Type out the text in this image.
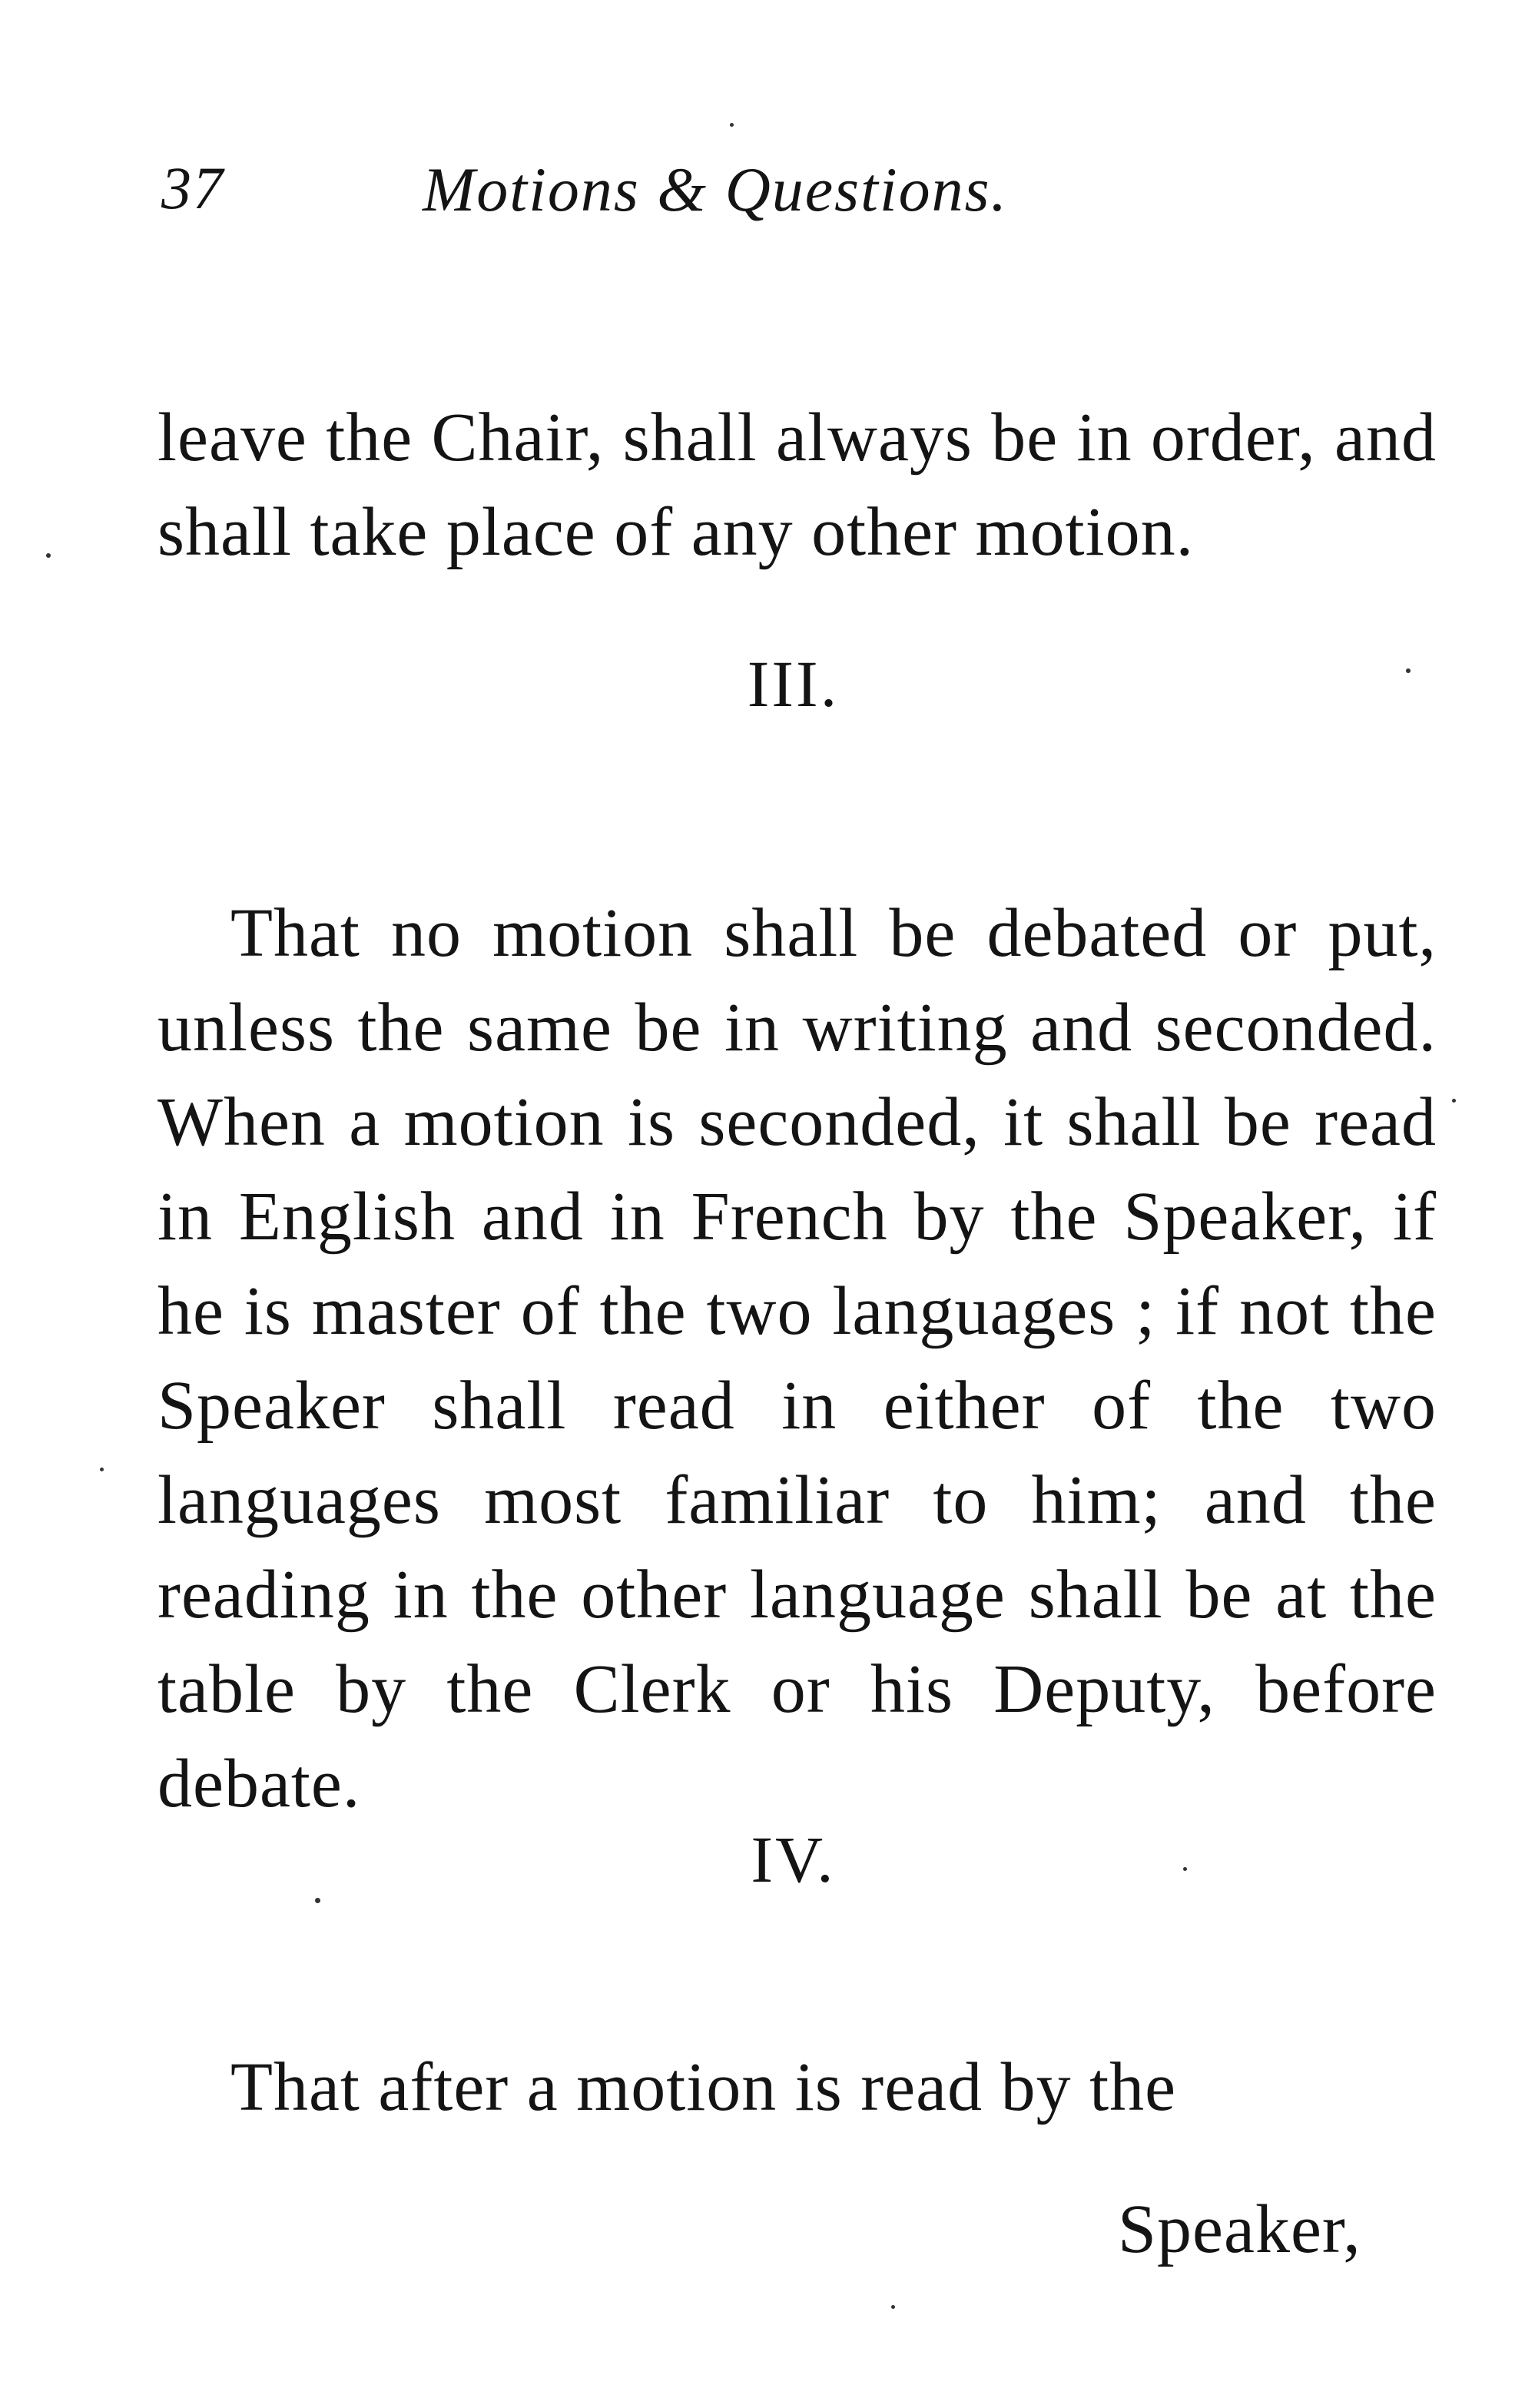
37	Motions & Questions.

leave the Chair, shall always be in order, and shall take place of any other motion.

III.

That no motion shall be debated or put, unless the same be in writing and seconded. When a motion is seconded, it shall be read in English and in French by the Speaker, if he is master of the two languages ; if not the Speaker shall read in either of the two languages most familiar to him; and the reading in the other language shall be at the table by the Clerk or his Deputy, before debate.

IV.

That after a motion is read by the

Speaker,
